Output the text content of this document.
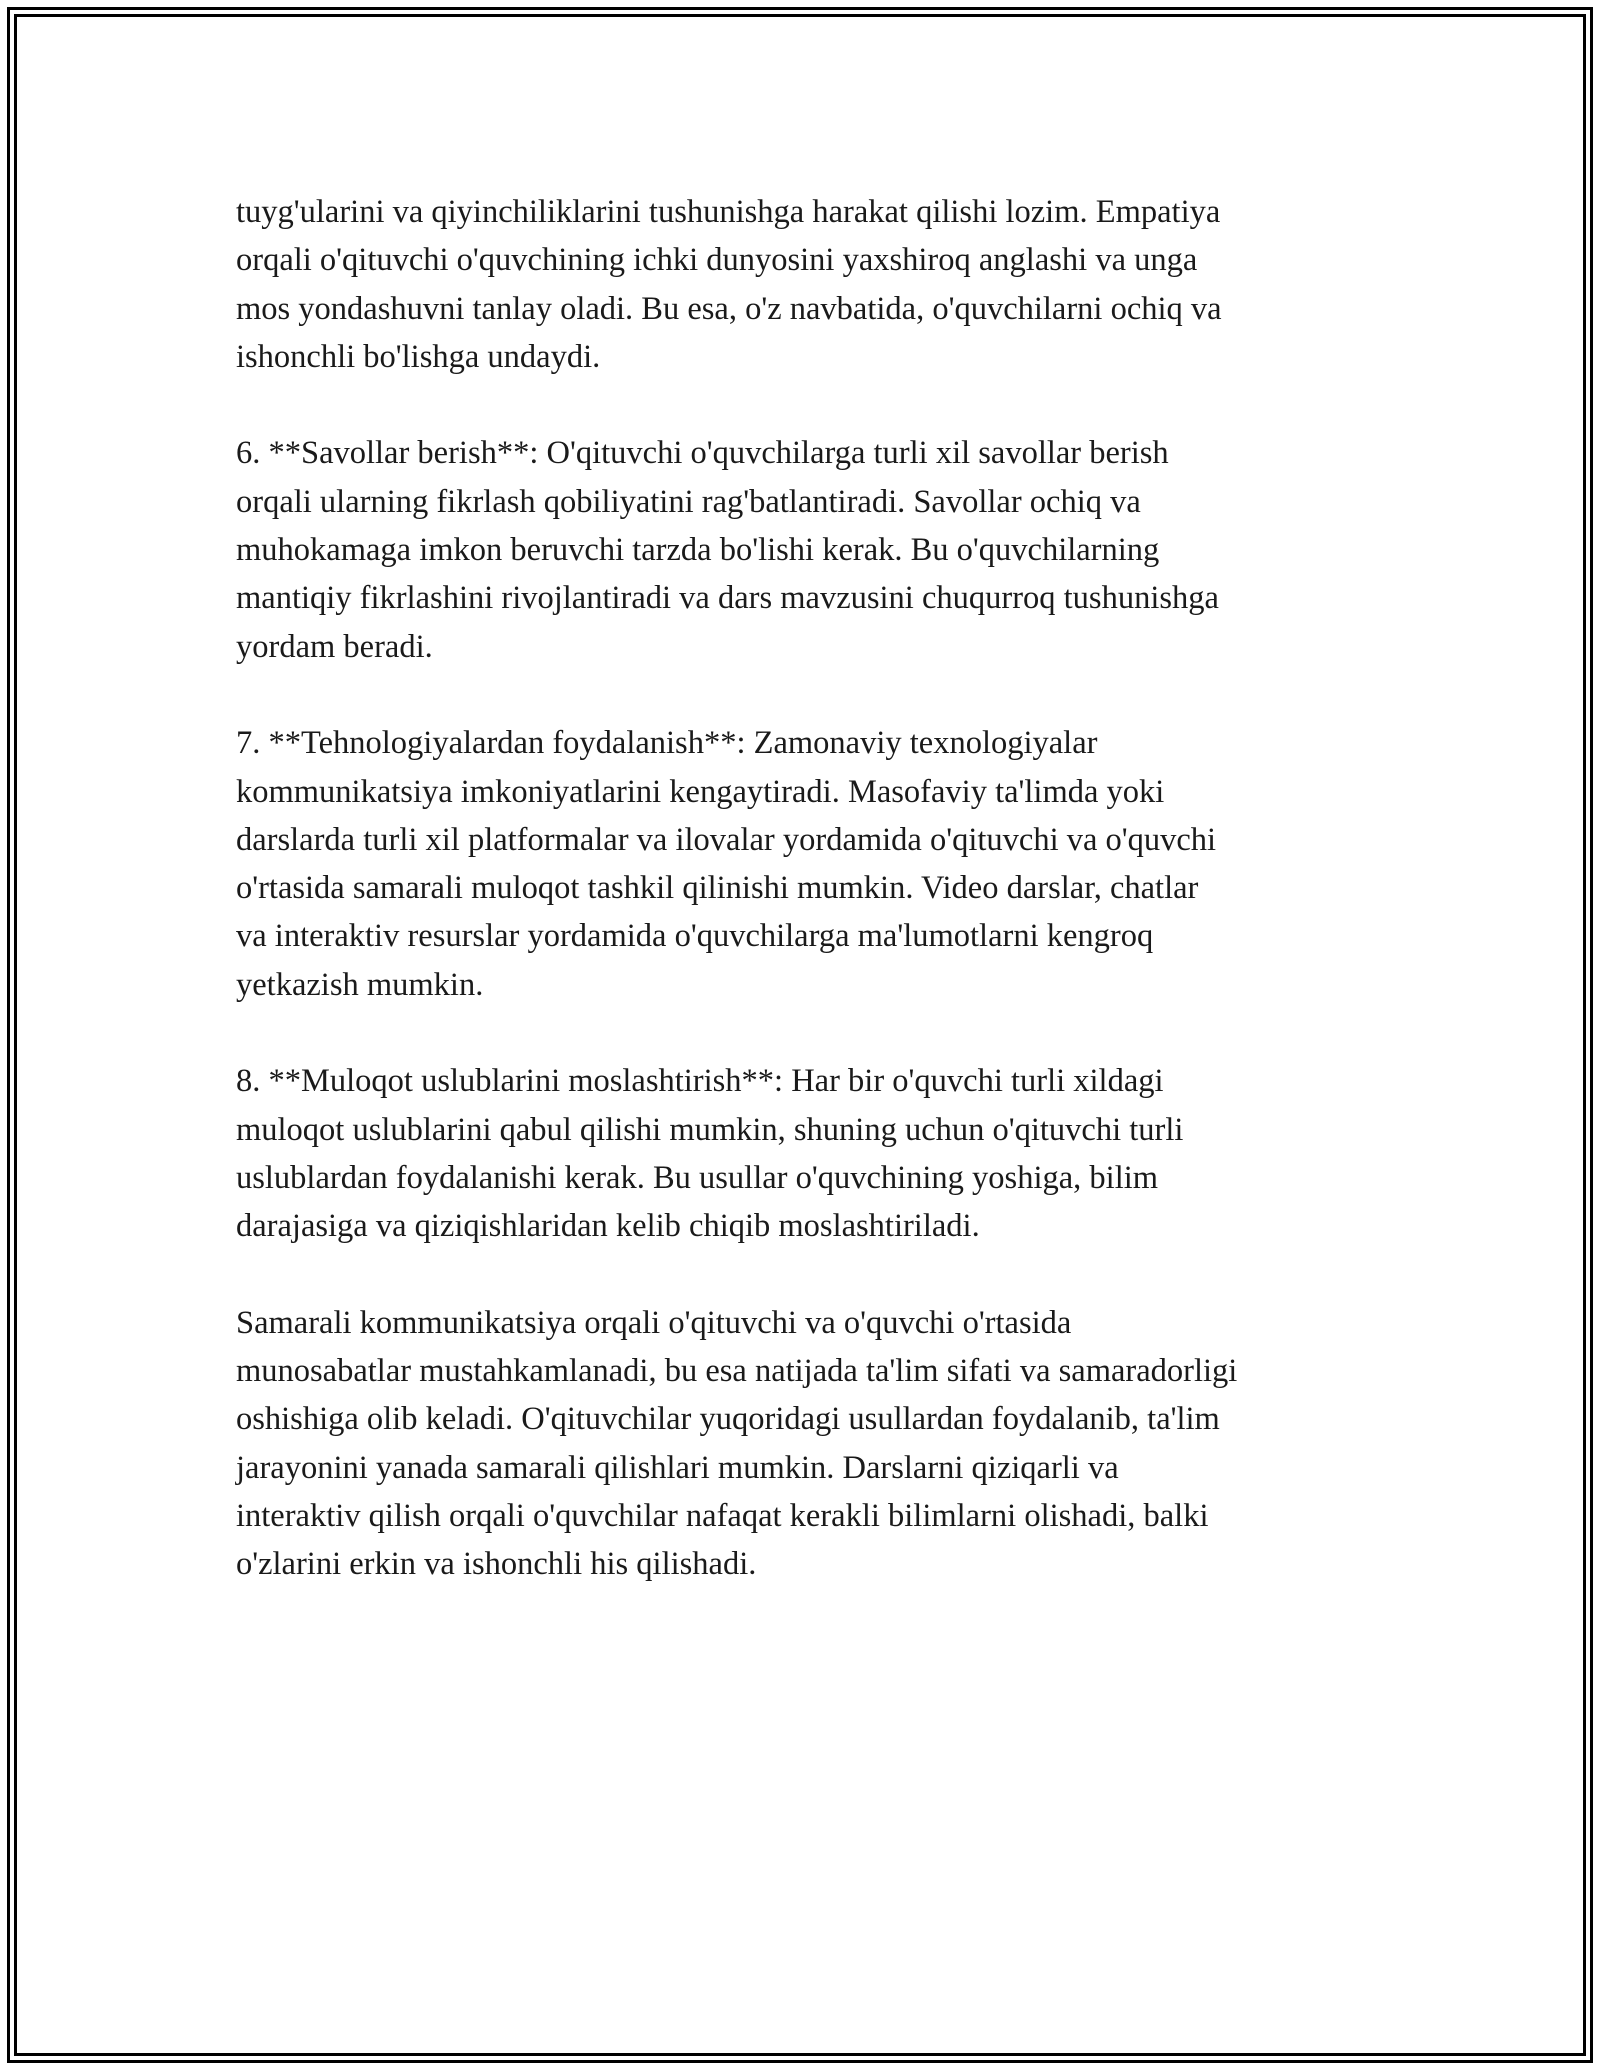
tuyg'ularini va qiyinchiliklarini tushunishga harakat qilishi lozim. Empatiya
orqali o'qituvchi o'quvchining ichki dunyosini yaxshiroq anglashi va unga
mos yondashuvni tanlay oladi. Bu esa, o'z navbatida, o'quvchilarni ochiq va
ishonchli bo'lishga undaydi.

6. **Savollar berish**: O'qituvchi o'quvchilarga turli xil savollar berish
orqali ularning fikrlash qobiliyatini rag'batlantiradi. Savollar ochiq va
muhokamaga imkon beruvchi tarzda bo'lishi kerak. Bu o'quvchilarning
mantiqiy fikrlashini rivojlantiradi va dars mavzusini chuqurroq tushunishga
yordam beradi.

7. **Tehnologiyalardan foydalanish**: Zamonaviy texnologiyalar
kommunikatsiya imkoniyatlarini kengaytiradi. Masofaviy ta'limda yoki
darslarda turli xil platformalar va ilovalar yordamida o'qituvchi va o'quvchi
o'rtasida samarali muloqot tashkil qilinishi mumkin. Video darslar, chatlar
va interaktiv resurslar yordamida o'quvchilarga ma'lumotlarni kengroq
yetkazish mumkin.

8. **Muloqot uslublarini moslashtirish**: Har bir o'quvchi turli xildagi
muloqot uslublarini qabul qilishi mumkin, shuning uchun o'qituvchi turli
uslublardan foydalanishi kerak. Bu usullar o'quvchining yoshiga, bilim
darajasiga va qiziqishlaridan kelib chiqib moslashtiriladi.

Samarali kommunikatsiya orqali o'qituvchi va o'quvchi o'rtasida
munosabatlar mustahkamlanadi, bu esa natijada ta'lim sifati va samaradorligi
oshishiga olib keladi. O'qituvchilar yuqoridagi usullardan foydalanib, ta'lim
jarayonini yanada samarali qilishlari mumkin. Darslarni qiziqarli va
interaktiv qilish orqali o'quvchilar nafaqat kerakli bilimlarni olishadi, balki
o'zlarini erkin va ishonchli his qilishadi.
